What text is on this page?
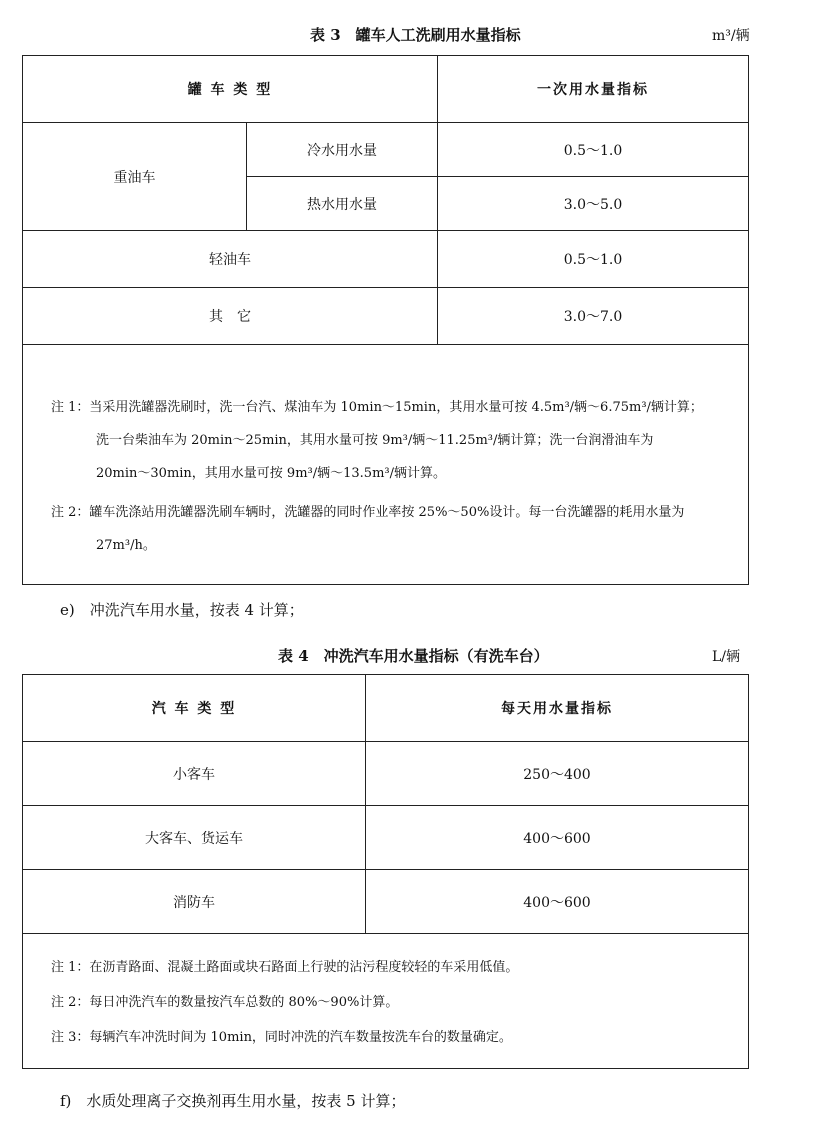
表 3　罐车人工洗刷用水量指标	m³/辆
罐 车 类 型		一次用水量指标
重油车	冷水用水量	0.5～1.0
	热水用水量	3.0～5.0
轻油车		0.5～1.0
其　它		3.0～7.0

注 1：当采用洗罐器洗刷时，洗一台汽、煤油车为 10min～15min，其用水量可按 4.5m³/辆～6.75m³/辆计算；

洗一台柴油车为 20min～25min，其用水量可按 9m³/辆～11.25m³/辆计算；洗一台润滑油车为

20min～30min，其用水量可按 9m³/辆～13.5m³/辆计算。

注 2：罐车洗涤站用洗罐器洗刷车辆时，洗罐器的同时作业率按 25%～50%设计。每一台洗罐器的耗用水量为

27m³/h。		

e)　冲洗汽车用水量，按表 4 计算；
表 4　冲洗汽车用水量指标（有洗车台）	L/辆
汽 车 类 型	每天用水量指标
小客车	250～400
大客车、货运车	400～600
消防车	400～600

注 1：在沥青路面、混凝土路面或块石路面上行驶的沾污程度较轻的车采用低值。

注 2：每日冲洗汽车的数量按汽车总数的 80%～90%计算。

注 3：每辆汽车冲洗时间为 10min，同时冲洗的汽车数量按洗车台的数量确定。	

f)　水质处理离子交换剂再生用水量，按表 5 计算；
